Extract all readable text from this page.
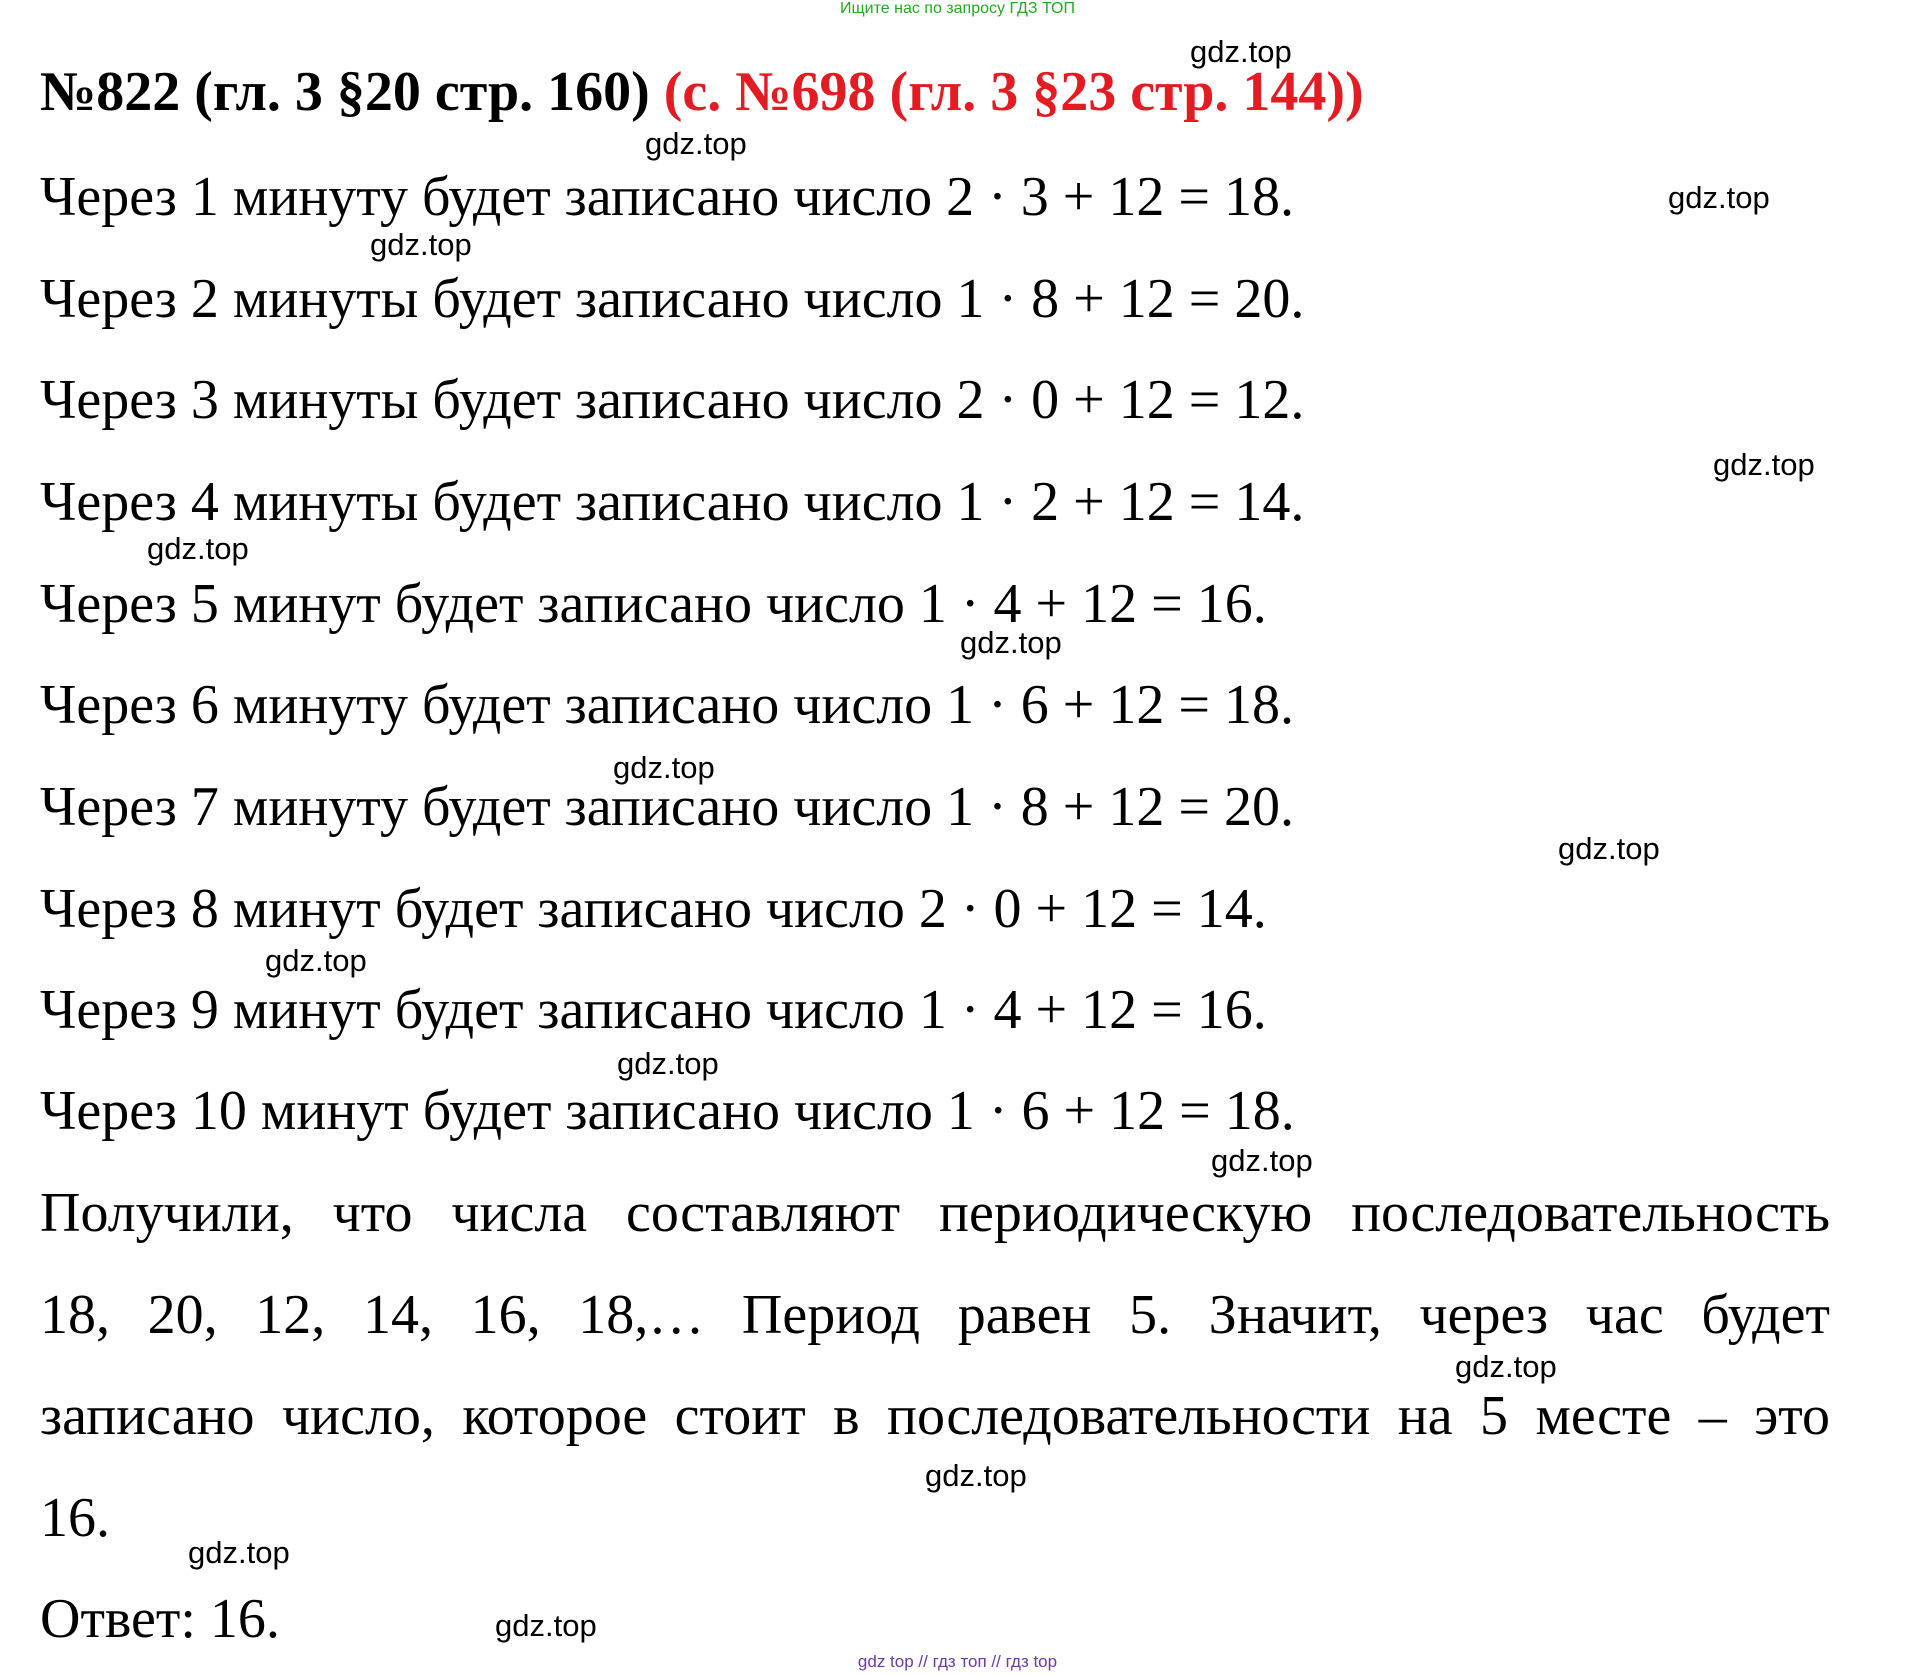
Ищите нас по запросу ГДЗ ТОП
№822 (гл. 3 §20 стр. 160) (с. №698 (гл. 3 §23 стр. 144))
Через 1 минуту будет записано число 2 · 3 + 12 = 18.
Через 2 минуты будет записано число 1 · 8 + 12 = 20.
Через 3 минуты будет записано число 2 · 0 + 12 = 12.
Через 4 минуты будет записано число 1 · 2 + 12 = 14.
Через 5 минут будет записано число 1 · 4 + 12 = 16.
Через 6 минуту будет записано число 1 · 6 + 12 = 18.
Через 7 минуту будет записано число 1 · 8 + 12 = 20.
Через 8 минут будет записано число 2 · 0 + 12 = 14.
Через 9 минут будет записано число 1 · 4 + 12 = 16.
Через 10 минут будет записано число 1 · 6 + 12 = 18.
Получили, что числа составляют периодическую последовательность
18, 20, 12, 14, 16, 18,… Период равен 5. Значит, через час будет
записано число, которое стоит в последовательности на 5 месте – это
16.
Ответ: 16.
gdz.top
gdz.top
gdz.top
gdz.top
gdz.top
gdz.top
gdz.top
gdz.top
gdz.top
gdz.top
gdz.top
gdz.top
gdz.top
gdz.top
gdz.top
gdz.top
gdz top // гдз топ // гдз top
